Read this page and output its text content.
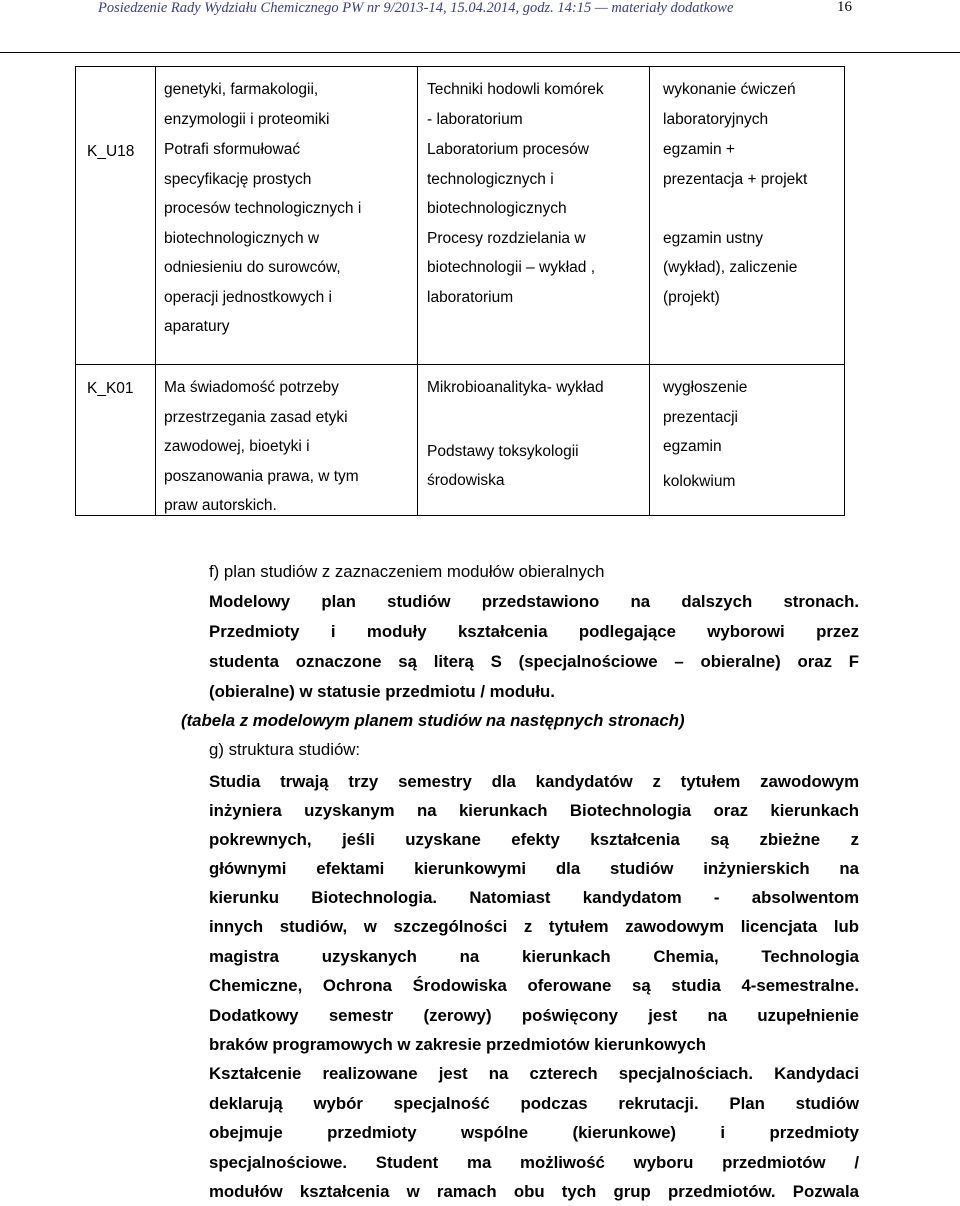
Posiedzenie Rady Wydziału Chemicznego PW nr 9/2013-14, 15.04.2014, godz. 14:15 — materiały dodatkowe	16
genetyki, farmakologii,
enzymologii i proteomiki
Techniki hodowli komórek
- laboratorium
wykonanie ćwiczeń
laboratoryjnych
K_U18 Potrafi sformułować
specyfikację prostych
procesów technologicznych i
biotechnologicznych w
odniesieniu do surowców,
operacji jednostkowych i
aparatury
Laboratorium procesów
technologicznych i
biotechnologicznych
Procesy rozdzielania w
biotechnologii – wykład ,
laboratorium
egzamin +
prezentacja + projekt
egzamin ustny
(wykład), zaliczenie
(projekt)
K_K01 Ma świadomość potrzeby
przestrzegania zasad etyki
zawodowej, bioetyki i
poszanowania prawa, w tym
praw autorskich.
Mikrobioanalityka- wykład
Podstawy toksykologii
środowiska
wygłoszenie
prezentacji
egzamin
kolokwium
f) plan studiów z zaznaczeniem modułów obieralnych
Modelowy plan studiów przedstawiono na dalszych stronach.
Przedmioty i moduły kształcenia podlegające wyborowi przez
studenta oznaczone są literą S (specjalnościowe – obieralne) oraz F
(obieralne) w statusie przedmiotu / modułu.
(tabela z modelowym planem studiów na następnych stronach)
g) struktura studiów:
Studia trwają trzy semestry dla kandydatów z tytułem zawodowym
inżyniera uzyskanym na kierunkach Biotechnologia oraz kierunkach
pokrewnych, jeśli uzyskane efekty kształcenia są zbieżne z
głównymi efektami kierunkowymi dla studiów inżynierskich na
kierunku Biotechnologia. Natomiast kandydatom - absolwentom
innych studiów, w szczególności z tytułem zawodowym licencjata lub
magistra uzyskanych na kierunkach Chemia, Technologia
Chemiczne, Ochrona Środowiska oferowane są studia 4-semestralne.
Dodatkowy semestr (zerowy) poświęcony jest na uzupełnienie
braków programowych w zakresie przedmiotów kierunkowych
Kształcenie realizowane jest na czterech specjalnościach. Kandydaci
deklarują wybór specjalność podczas rekrutacji. Plan studiów
obejmuje przedmioty wspólne (kierunkowe) i przedmioty
specjalnościowe. Student ma możliwość wyboru przedmiotów /
modułów kształcenia w ramach obu tych grup przedmiotów. Pozwala
